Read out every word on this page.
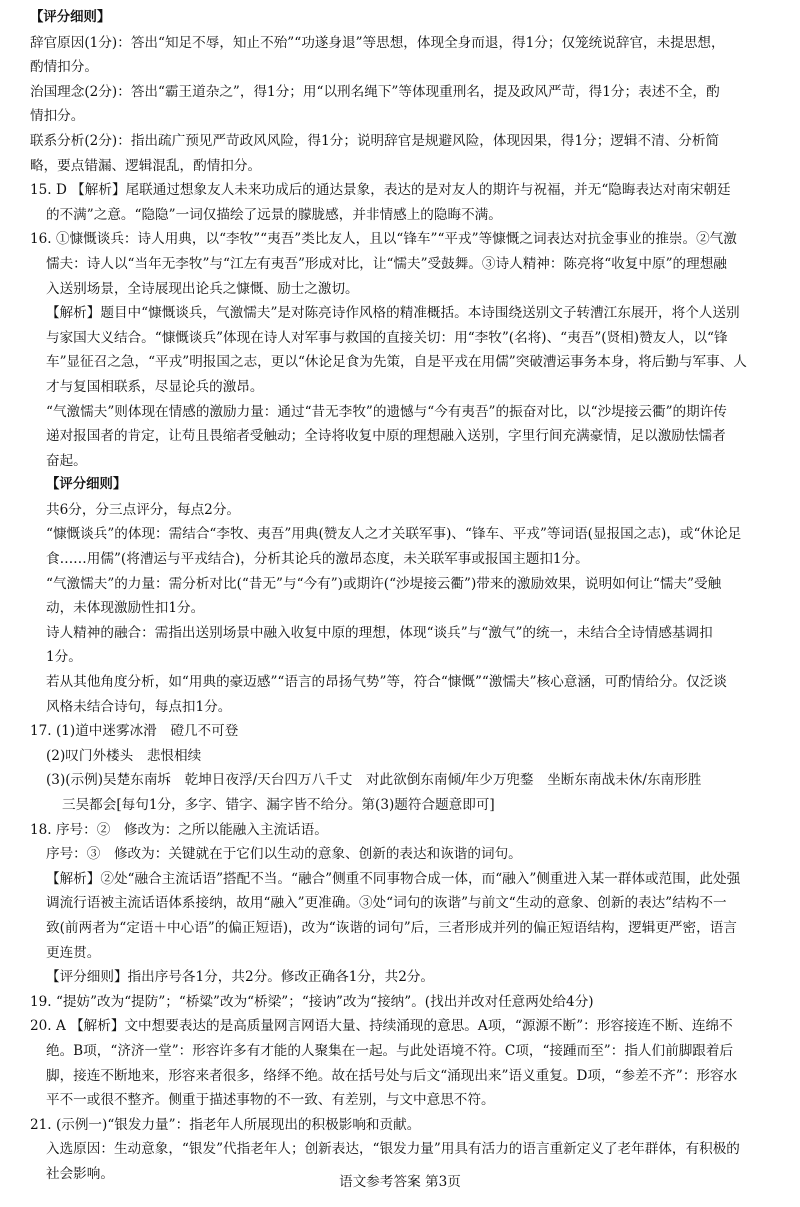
【评分细则】
辞官原因(1分)：答出“知足不辱，知止不殆”“功遂身退”等思想，体现全身而退，得1分；仅笼统说辞官，未提思想，
酌情扣分。
治国理念(2分)：答出“霸王道杂之”，得1分；用“以刑名绳下”等体现重刑名，提及政风严苛，得1分；表述不全，酌
情扣分。
联系分析(2分)：指出疏广预见严苛政风风险，得1分；说明辞官是规避风险，体现因果，得1分；逻辑不清、分析简
略，要点错漏、逻辑混乱，酌情扣分。
15. D 【解析】尾联通过想象友人未来功成后的通达景象，表达的是对友人的期许与祝福，并无“隐晦表达对南宋朝廷
的不满”之意。“隐隐”一词仅描绘了远景的朦胧感，并非情感上的隐晦不满。
16. ①慷慨谈兵：诗人用典，以“李牧”“夷吾”类比友人，且以“锋车”“平戎”等慷慨之词表达对抗金事业的推崇。②气激
懦夫：诗人以“当年无李牧”与“江左有夷吾”形成对比，让“懦夫”受鼓舞。③诗人精神：陈亮将“收复中原”的理想融
入送别场景，全诗展现出论兵之慷慨、励士之激切。
【解析】题目中“慷慨谈兵，气激懦夫”是对陈亮诗作风格的精准概括。本诗围绕送别文子转漕江东展开，将个人送别
与家国大义结合。“慷慨谈兵”体现在诗人对军事与救国的直接关切：用“李牧”(名将)、“夷吾”(贤相)赞友人，以“锋
车”显征召之急，“平戎”明报国之志，更以“休论足食为先策，自是平戎在用儒”突破漕运事务本身，将后勤与军事、人
才与复国相联系，尽显论兵的激昂。
“气激懦夫”则体现在情感的激励力量：通过“昔无李牧”的遗憾与“今有夷吾”的振奋对比，以“沙堤接云衢”的期许传
递对报国者的肯定，让苟且畏缩者受触动；全诗将收复中原的理想融入送别，字里行间充满豪情，足以激励怯懦者
奋起。
【评分细则】
共6分，分三点评分，每点2分。
“慷慨谈兵”的体现：需结合“李牧、夷吾”用典(赞友人之才关联军事)、“锋车、平戎”等词语(显报国之志)，或“休论足
食……用儒”(将漕运与平戎结合)，分析其论兵的激昂态度，未关联军事或报国主题扣1分。
“气激懦夫”的力量：需分析对比(“昔无”与“今有”)或期许(“沙堤接云衢”)带来的激励效果，说明如何让“懦夫”受触
动，未体现激励性扣1分。
诗人精神的融合：需指出送别场景中融入收复中原的理想，体现“谈兵”与“激气”的统一，未结合全诗情感基调扣
1分。
若从其他角度分析，如“用典的豪迈感”“语言的昂扬气势”等，符合“慷慨”“激懦夫”核心意涵，可酌情给分。仅泛谈
风格未结合诗句，每点扣1分。
17. (1)道中迷雾冰滑　磴几不可登
(2)叹门外楼头　悲恨相续
(3)(示例)吴楚东南坼　乾坤日夜浮/天台四万八千丈　对此欲倒东南倾/年少万兜鍪　坐断东南战未休/东南形胜
三吴都会[每句1分，多字、错字、漏字皆不给分。第(3)题符合题意即可]
18. 序号：②　修改为：之所以能融入主流话语。
序号：③　修改为：关键就在于它们以生动的意象、创新的表达和诙谐的词句。
【解析】②处“融合主流话语”搭配不当。“融合”侧重不同事物合成一体，而“融入”侧重进入某一群体或范围，此处强
调流行语被主流话语体系接纳，故用“融入”更准确。③处“词句的诙谐”与前文“生动的意象、创新的表达”结构不一
致(前两者为“定语＋中心语”的偏正短语)，改为“诙谐的词句”后，三者形成并列的偏正短语结构，逻辑更严密，语言
更连贯。
【评分细则】指出序号各1分，共2分。修改正确各1分，共2分。
19. “提妨”改为“提防”；“桥粱”改为“桥梁”；“接讷”改为“接纳”。(找出并改对任意两处给4分)
20. A 【解析】文中想要表达的是高质量网言网语大量、持续涌现的意思。A项，“源源不断”：形容接连不断、连绵不
绝。B项，“济济一堂”：形容许多有才能的人聚集在一起。与此处语境不符。C项，“接踵而至”：指人们前脚跟着后
脚，接连不断地来，形容来者很多，络绎不绝。故在括号处与后文“涌现出来”语义重复。D项，“参差不齐”：形容水
平不一或很不整齐。侧重于描述事物的不一致、有差别，与文中意思不符。
21. (示例一)“银发力量”：指老年人所展现出的积极影响和贡献。
入选原因：生动意象，“银发”代指老年人；创新表达，“银发力量”用具有活力的语言重新定义了老年群体，有积极的
社会影响。
语文参考答案 第3页
